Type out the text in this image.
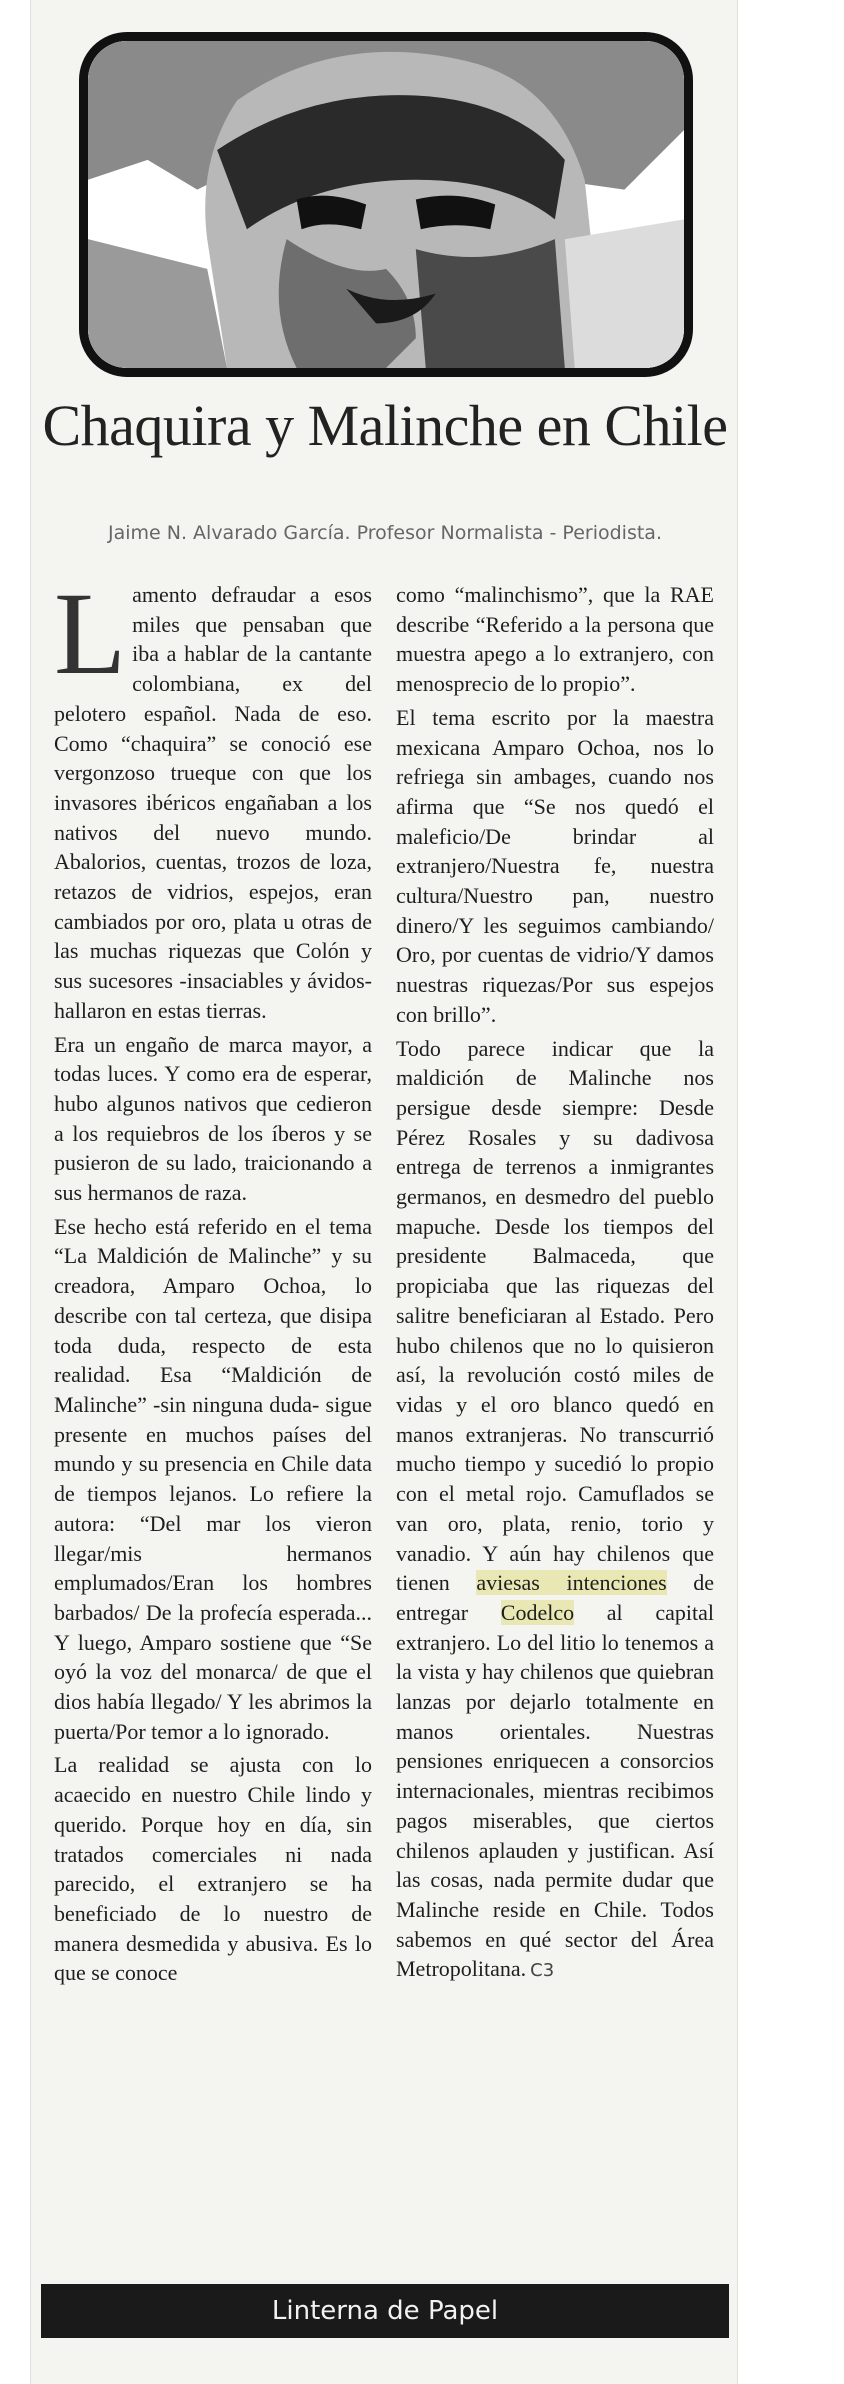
Chaquira y Malinche en Chile
Jaime N. Alvarado García. Profesor Normalista - Periodista.

Lamento defraudar a esos miles que pensaban que iba a hablar de la cantante colombiana, ex del pelotero español. Nada de eso. Como “chaquira” se conoció ese vergonzoso trueque con que los invasores ibéricos engañaban a los nativos del nuevo mundo. Abalorios, cuentas, trozos de loza, retazos de vidrios, espejos, eran cambiados por oro, plata u otras de las muchas riquezas que Colón y sus sucesores -insaciables y ávidos- hallaron en estas tierras.

Era un engaño de marca mayor, a todas luces. Y como era de esperar, hubo algunos nativos que cedieron a los requiebros de los íberos y se pusieron de su lado, traicionando a sus hermanos de raza.

Ese hecho está referido en el tema “La Maldición de Malinche” y su creadora, Amparo Ochoa, lo describe con tal certeza, que disipa toda duda, respecto de esta realidad. Esa “Maldición de Malinche” -sin ninguna duda- sigue presente en muchos países del mundo y su presencia en Chile data de tiempos lejanos. Lo refiere la autora: “Del mar los vieron llegar/mis hermanos emplumados/Eran los hombres barbados/ De la profecía esperada... Y luego, Amparo sostiene que “Se oyó la voz del monarca/ de que el dios había llegado/ Y les abrimos la puerta/Por temor a lo ignorado.

La realidad se ajusta con lo acaecido en nuestro Chile lindo y querido. Porque hoy en día, sin tratados comerciales ni nada parecido, el extranjero se ha beneficiado de lo nuestro de manera desmedida y abusiva. Es lo que se conoce

como “malinchismo”, que la RAE describe “Referido a la persona que muestra apego a lo extranjero, con menosprecio de lo propio”.

El tema escrito por la maestra mexicana Amparo Ochoa, nos lo refriega sin ambages, cuando nos afirma que “Se nos quedó el maleficio/De brindar al extranjero/Nuestra fe, nuestra cultura/Nuestro pan, nuestro dinero/Y les seguimos cambiando/ Oro, por cuentas de vidrio/Y damos nuestras riquezas/Por sus espejos con brillo”.

Todo parece indicar que la maldición de Malinche nos persigue desde siempre: Desde Pérez Rosales y su dadivosa entrega de terrenos a inmigrantes germanos, en desmedro del pueblo mapuche. Desde los tiempos del presidente Balmaceda, que propiciaba que las riquezas del salitre beneficiaran al Estado. Pero hubo chilenos que no lo quisieron así, la revolución costó miles de vidas y el oro blanco quedó en manos extranjeras. No transcurrió mucho tiempo y sucedió lo propio con el metal rojo. Camuflados se van oro, plata, renio, torio y vanadio. Y aún hay chilenos que tienen aviesas intenciones de entregar Codelco al capital extranjero. Lo del litio lo tenemos a la vista y hay chilenos que quiebran lanzas por dejarlo totalmente en manos orientales. Nuestras pensiones enriquecen a consorcios internacionales, mientras recibimos pagos miserables, que ciertos chilenos aplauden y justifican. Así las cosas, nada permite dudar que Malinche reside en Chile. Todos sabemos en qué sector del Área Metropolitana. C3

Linterna de Papel
